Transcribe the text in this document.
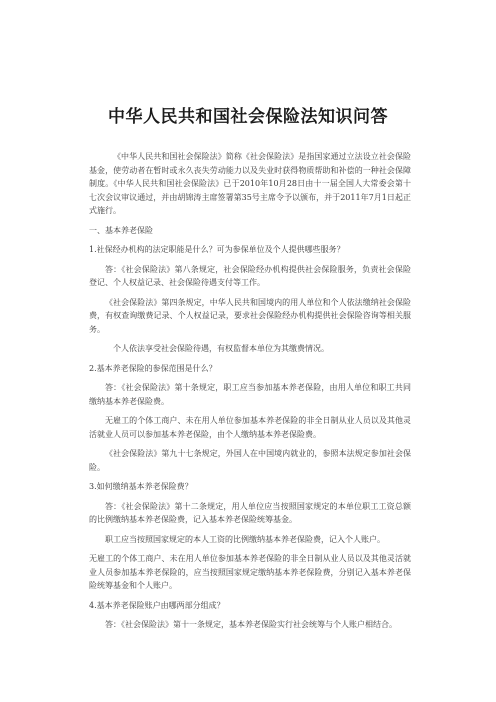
中华人民共和国社会保险法知识问答

《中华人民共和国社会保险法》简称《社会保险法》是指国家通过立法设立社会保险基金，使劳动者在暂时或永久丧失劳动能力以及失业时获得物质帮助和补偿的一种社会保障制度。《中华人民共和国社会保险法》已于2010年10月28日由十一届全国人大常委会第十七次会议审议通过，并由胡锦涛主席签署第35号主席令予以颁布，并于2011年7月1日起正式施行。

一、基本养老保险

1.社保经办机构的法定职能是什么？可为参保单位及个人提供哪些服务？

答：《社会保险法》第八条规定，社会保险经办机构提供社会保险服务，负责社会保险登记、个人权益记录、社会保险待遇支付等工作。

《社会保险法》第四条规定，中华人民共和国境内的用人单位和个人依法缴纳社会保险费，有权查询缴费记录、个人权益记录，要求社会保险经办机构提供社会保险咨询等相关服务。

个人依法享受社会保险待遇，有权监督本单位为其缴费情况。

2.基本养老保险的参保范围是什么？

答：《社会保险法》第十条规定，职工应当参加基本养老保险，由用人单位和职工共同缴纳基本养老保险费。

无雇工的个体工商户、未在用人单位参加基本养老保险的非全日制从业人员以及其他灵活就业人员可以参加基本养老保险，由个人缴纳基本养老保险费。

《社会保险法》第九十七条规定，外国人在中国境内就业的，参照本法规定参加社会保险。

3.如何缴纳基本养老保险费？

答：《社会保险法》第十二条规定，用人单位应当按照国家规定的本单位职工工资总额的比例缴纳基本养老保险费，记入基本养老保险统筹基金。

职工应当按照国家规定的本人工资的比例缴纳基本养老保险费，记入个人账户。

无雇工的个体工商户、未在用人单位参加基本养老保险的非全日制从业人员以及其他灵活就业人员参加基本养老保险的，应当按照国家规定缴纳基本养老保险费，分别记入基本养老保险统筹基金和个人账户。

4.基本养老保险账户由哪两部分组成？

答：《社会保险法》第十一条规定，基本养老保险实行社会统筹与个人账户相结合。
